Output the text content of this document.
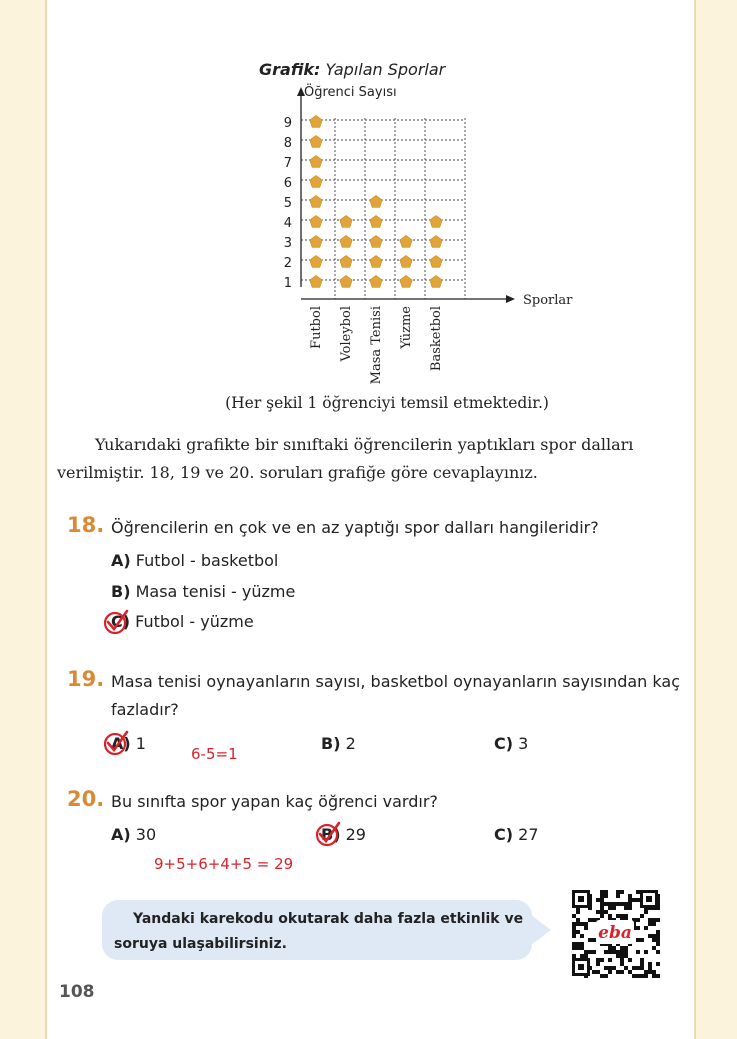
Grafik: Yapılan Sporlar
Öğrenci Sayısı
Sporlar
1
2
3
4
5
6
7
8
9
Futbol Voleybol Masa Tenisi Yüzme Basketbol
(Her şekil 1 öğrenciyi temsil etmektedir.)
Yukarıdaki grafikte bir sınıftaki öğrencilerin yaptıkları spor dalları verilmiştir. 18, 19 ve 20. soruları grafiğe göre cevaplayınız.
18. Öğrencilerin en çok ve en az yaptığı spor dalları hangileridir?
A) Futbol - basketbol
B) Masa tenisi - yüzme
C) Futbol - yüzme
19. Masa tenisi oynayanların sayısı, basketbol oynayanların sayısından kaç fazladır?
A) 1
6-5=1
B) 2	C) 3
20. Bu sınıfta spor yapan kaç öğrenci vardır?
A) 30	B) 29	C) 27
9+5+6+4+5 = 29
Yandaki karekodu okutarak daha fazla etkinlik ve soruya ulaşabilirsiniz.
eba
108
